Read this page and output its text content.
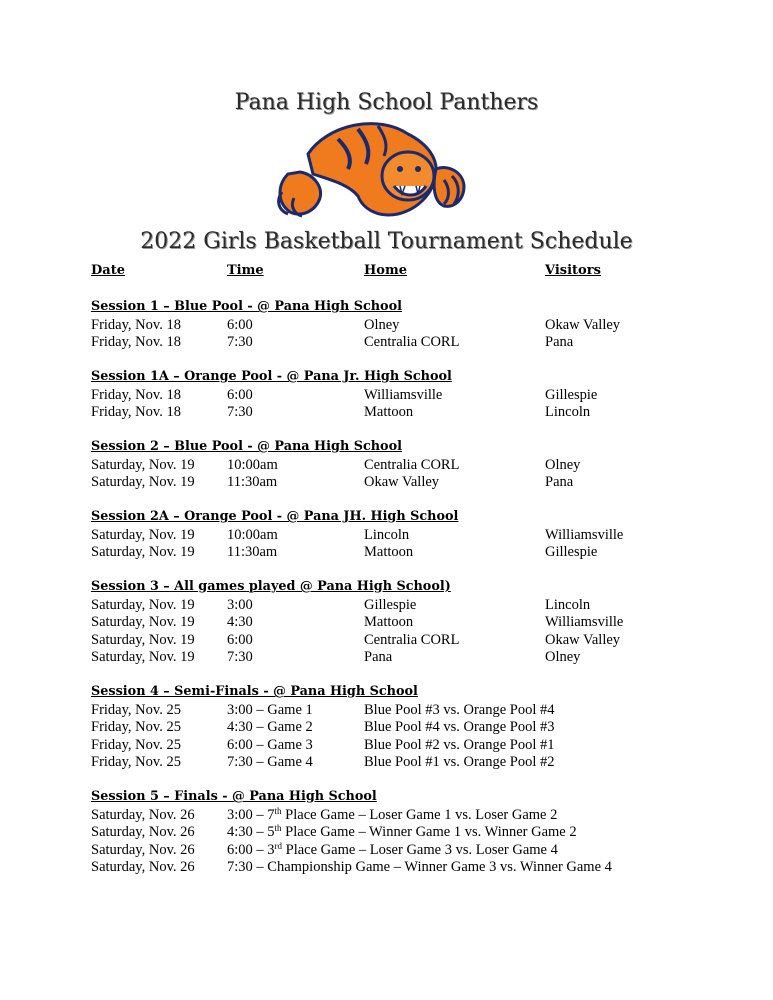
Pana High School Panthers
2022 Girls Basketball Tournament Schedule
Date	Time	Home	Visitors
Session 1 – Blue Pool - @ Pana High School
Friday, Nov. 18	6:00	Olney	Okaw Valley
Friday, Nov. 18	7:30	Centralia CORL	Pana
Session 1A – Orange Pool - @ Pana Jr. High School
Friday, Nov. 18	6:00	Williamsville	Gillespie
Friday, Nov. 18	7:30	Mattoon	Lincoln
Session 2 – Blue Pool - @ Pana High School
Saturday, Nov. 19 10:00am	Centralia CORL	Olney
Saturday, Nov. 19 11:30am	Okaw Valley	Pana
Session 2A – Orange Pool - @ Pana JH. High School
Saturday, Nov. 19 10:00am	Lincoln	Williamsville
Saturday, Nov. 19 11:30am	Mattoon	Gillespie
Session 3 – All games played @ Pana High School)
Saturday, Nov. 19 3:00	Gillespie	Lincoln
Saturday, Nov. 19 4:30	Mattoon	Williamsville
Saturday, Nov. 19 6:00	Centralia CORL	Okaw Valley
Saturday, Nov. 19 7:30	Pana	Olney
Session 4 – Semi-Finals - @ Pana High School
Friday, Nov. 25	3:00 – Game 1	Blue Pool #3 vs. Orange Pool #4
Friday, Nov. 25	4:30 – Game 2	Blue Pool #4 vs. Orange Pool #3
Friday, Nov. 25	6:00 – Game 3	Blue Pool #2 vs. Orange Pool #1
Friday, Nov. 25	7:30 – Game 4	Blue Pool #1 vs. Orange Pool #2
Session 5 – Finals - @ Pana High School
Saturday, Nov. 26 3:00 – 7th Place Game – Loser Game 1 vs. Loser Game 2
Saturday, Nov. 26 4:30 – 5th Place Game – Winner Game 1 vs. Winner Game 2
Saturday, Nov. 26 6:00 – 3rd Place Game – Loser Game 3 vs. Loser Game 4
Saturday, Nov. 26 7:30 – Championship Game – Winner Game 3 vs. Winner Game 4
